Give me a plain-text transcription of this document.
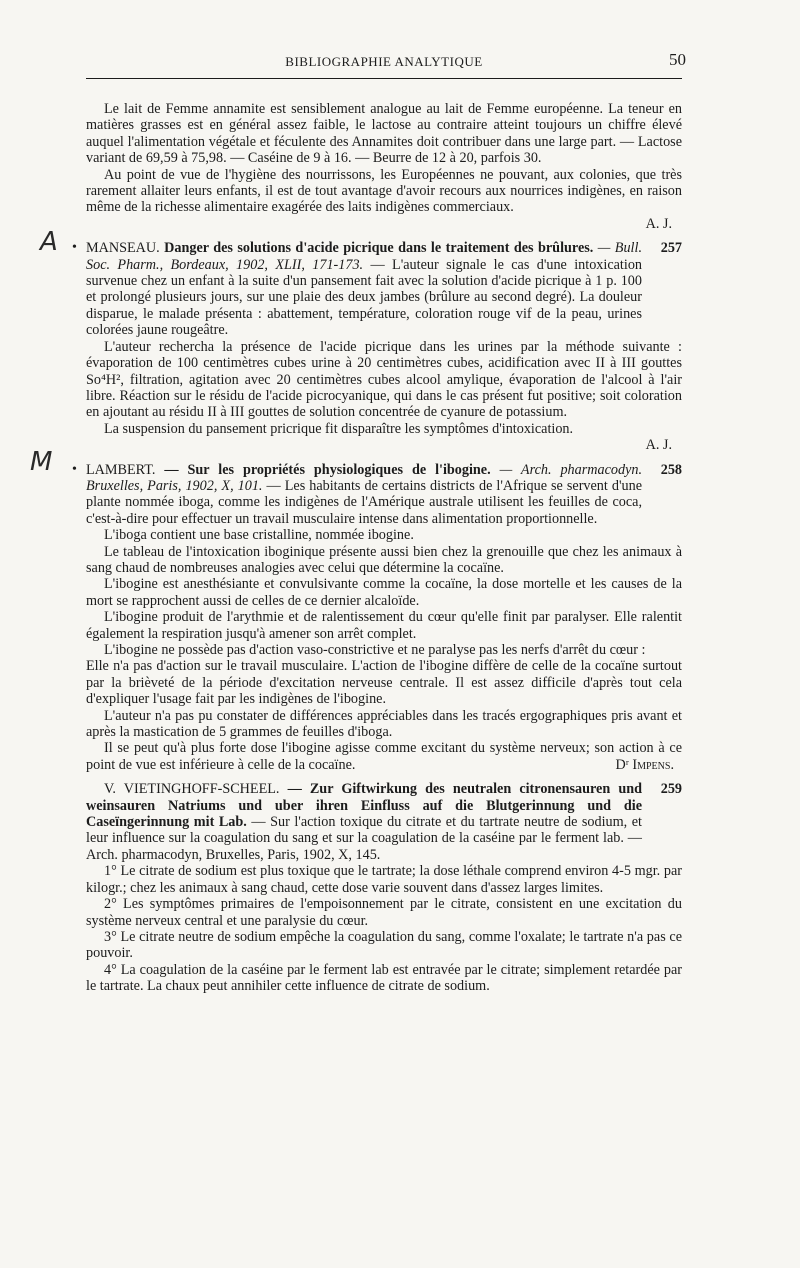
BIBLIOGRAPHIE ANALYTIQUE	50

Le lait de Femme annamite est sensiblement analogue au lait de Femme européenne. La teneur en matières grasses est en général assez faible, le lactose au contraire atteint toujours un chiffre élevé auquel l'alimentation végétale et féculente des Annamites doit contribuer dans une large part. — Lactose variant de 69,59 à 75,98. — Caséine de 9 à 16. — Beurre de 12 à 20, parfois 30.

Au point de vue de l'hygiène des nourrissons, les Européennes ne pouvant, aux colonies, que très rarement allaiter leurs enfants, il est de tout avantage d'avoir recours aux nourrices indigènes, en raison même de la richesse alimentaire exagérée des laits indigènes commerciaux.

A. J.
A • MANSEAU. Danger des solutions d'acide picrique dans le traitement des brûlures. — Bull. Soc. Pharm., Bordeaux, 1902, XLII, 171-173. — L'auteur signale le cas d'une intoxication survenue chez un enfant à la suite d'un pansement fait avec la solution d'acide picrique à 1 p. 100 et prolongé plusieurs jours, sur une plaie des deux jambes (brûlure au second degré). La douleur disparue, le malade présenta : abattement, température, coloration rouge vif de la peau, urines colorées jaune rougeâtre.
257

L'auteur rechercha la présence de l'acide picrique dans les urines par la méthode suivante : évaporation de 100 centimètres cubes urine à 20 centimètres cubes, acidification avec II à III gouttes So⁴H², filtration, agitation avec 20 centimètres cubes alcool amylique, évaporation de l'alcool à l'air libre. Réaction sur le résidu de l'acide picrocyanique, qui dans le cas présent fut positive; soit coloration en ajoutant au résidu II à III gouttes de solution concentrée de cyanure de potassium.

La suspension du pansement pricrique fit disparaître les symptômes d'intoxication.

A. J.
M • LAMBERT. — Sur les propriétés physiologiques de l'ibogine. — Arch. pharmacodyn. Bruxelles, Paris, 1902, X, 101. — Les habitants de certains districts de l'Afrique se servent d'une plante nommée iboga, comme les indigènes de l'Amérique australe utilisent les feuilles de coca, c'est-à-dire pour effectuer un travail musculaire intense dans alimentation proportionnelle.
258

L'iboga contient une base cristalline, nommée ibogine.

Le tableau de l'intoxication iboginique présente aussi bien chez la grenouille que chez les animaux à sang chaud de nombreuses analogies avec celui que détermine la cocaïne.

L'ibogine est anesthésiante et convulsivante comme la cocaïne, la dose mortelle et les causes de la mort se rapprochent aussi de celles de ce dernier alcaloïde.

L'ibogine produit de l'arythmie et de ralentissement du cœur qu'elle finit par paralyser. Elle ralentit également la respiration jusqu'à amener son arrêt complet.

L'ibogine ne possède pas d'action vaso-constrictive et ne paralyse pas les nerfs d'arrêt du cœur :

Elle n'a pas d'action sur le travail musculaire. L'action de l'ibogine diffère de celle de la cocaïne surtout par la brièveté de la période d'excitation nerveuse centrale. Il est assez difficile d'après tout cela d'expliquer l'usage fait par les indigènes de l'ibogine.

L'auteur n'a pas pu constater de différences appréciables dans les tracés ergographiques pris avant et après la mastication de 5 grammes de feuilles d'iboga.

Il se peut qu'à plus forte dose l'ibogine agisse comme excitant du système nerveux; son action à ce point de vue est inférieure à celle de la cocaïne.	Dʳ Impens.

V. VIETINGHOFF-SCHEEL. — Zur Giftwirkung des neutralen citronensauren und weinsauren Natriums und uber ihren Einfluss auf die Blutgerinnung und die Caseïngerinnung mit Lab. — Sur l'action toxique du citrate et du tartrate neutre de sodium, et leur influence sur la coagulation du sang et sur la coagulation de la caséine par le ferment lab. — Arch. pharmacodyn, Bruxelles, Paris, 1902, X, 145.
259

1° Le citrate de sodium est plus toxique que le tartrate; la dose léthale comprend environ 4-5 mgr. par kilogr.; chez les animaux à sang chaud, cette dose varie souvent dans d'assez larges limites.

2° Les symptômes primaires de l'empoisonnement par le citrate, consistent en une excitation du système nerveux central et une paralysie du cœur.

3° Le citrate neutre de sodium empêche la coagulation du sang, comme l'oxalate; le tartrate n'a pas ce pouvoir.

4° La coagulation de la caséine par le ferment lab est entravée par le citrate; simplement retardée par le tartrate. La chaux peut annihiler cette influence de citrate de sodium.
